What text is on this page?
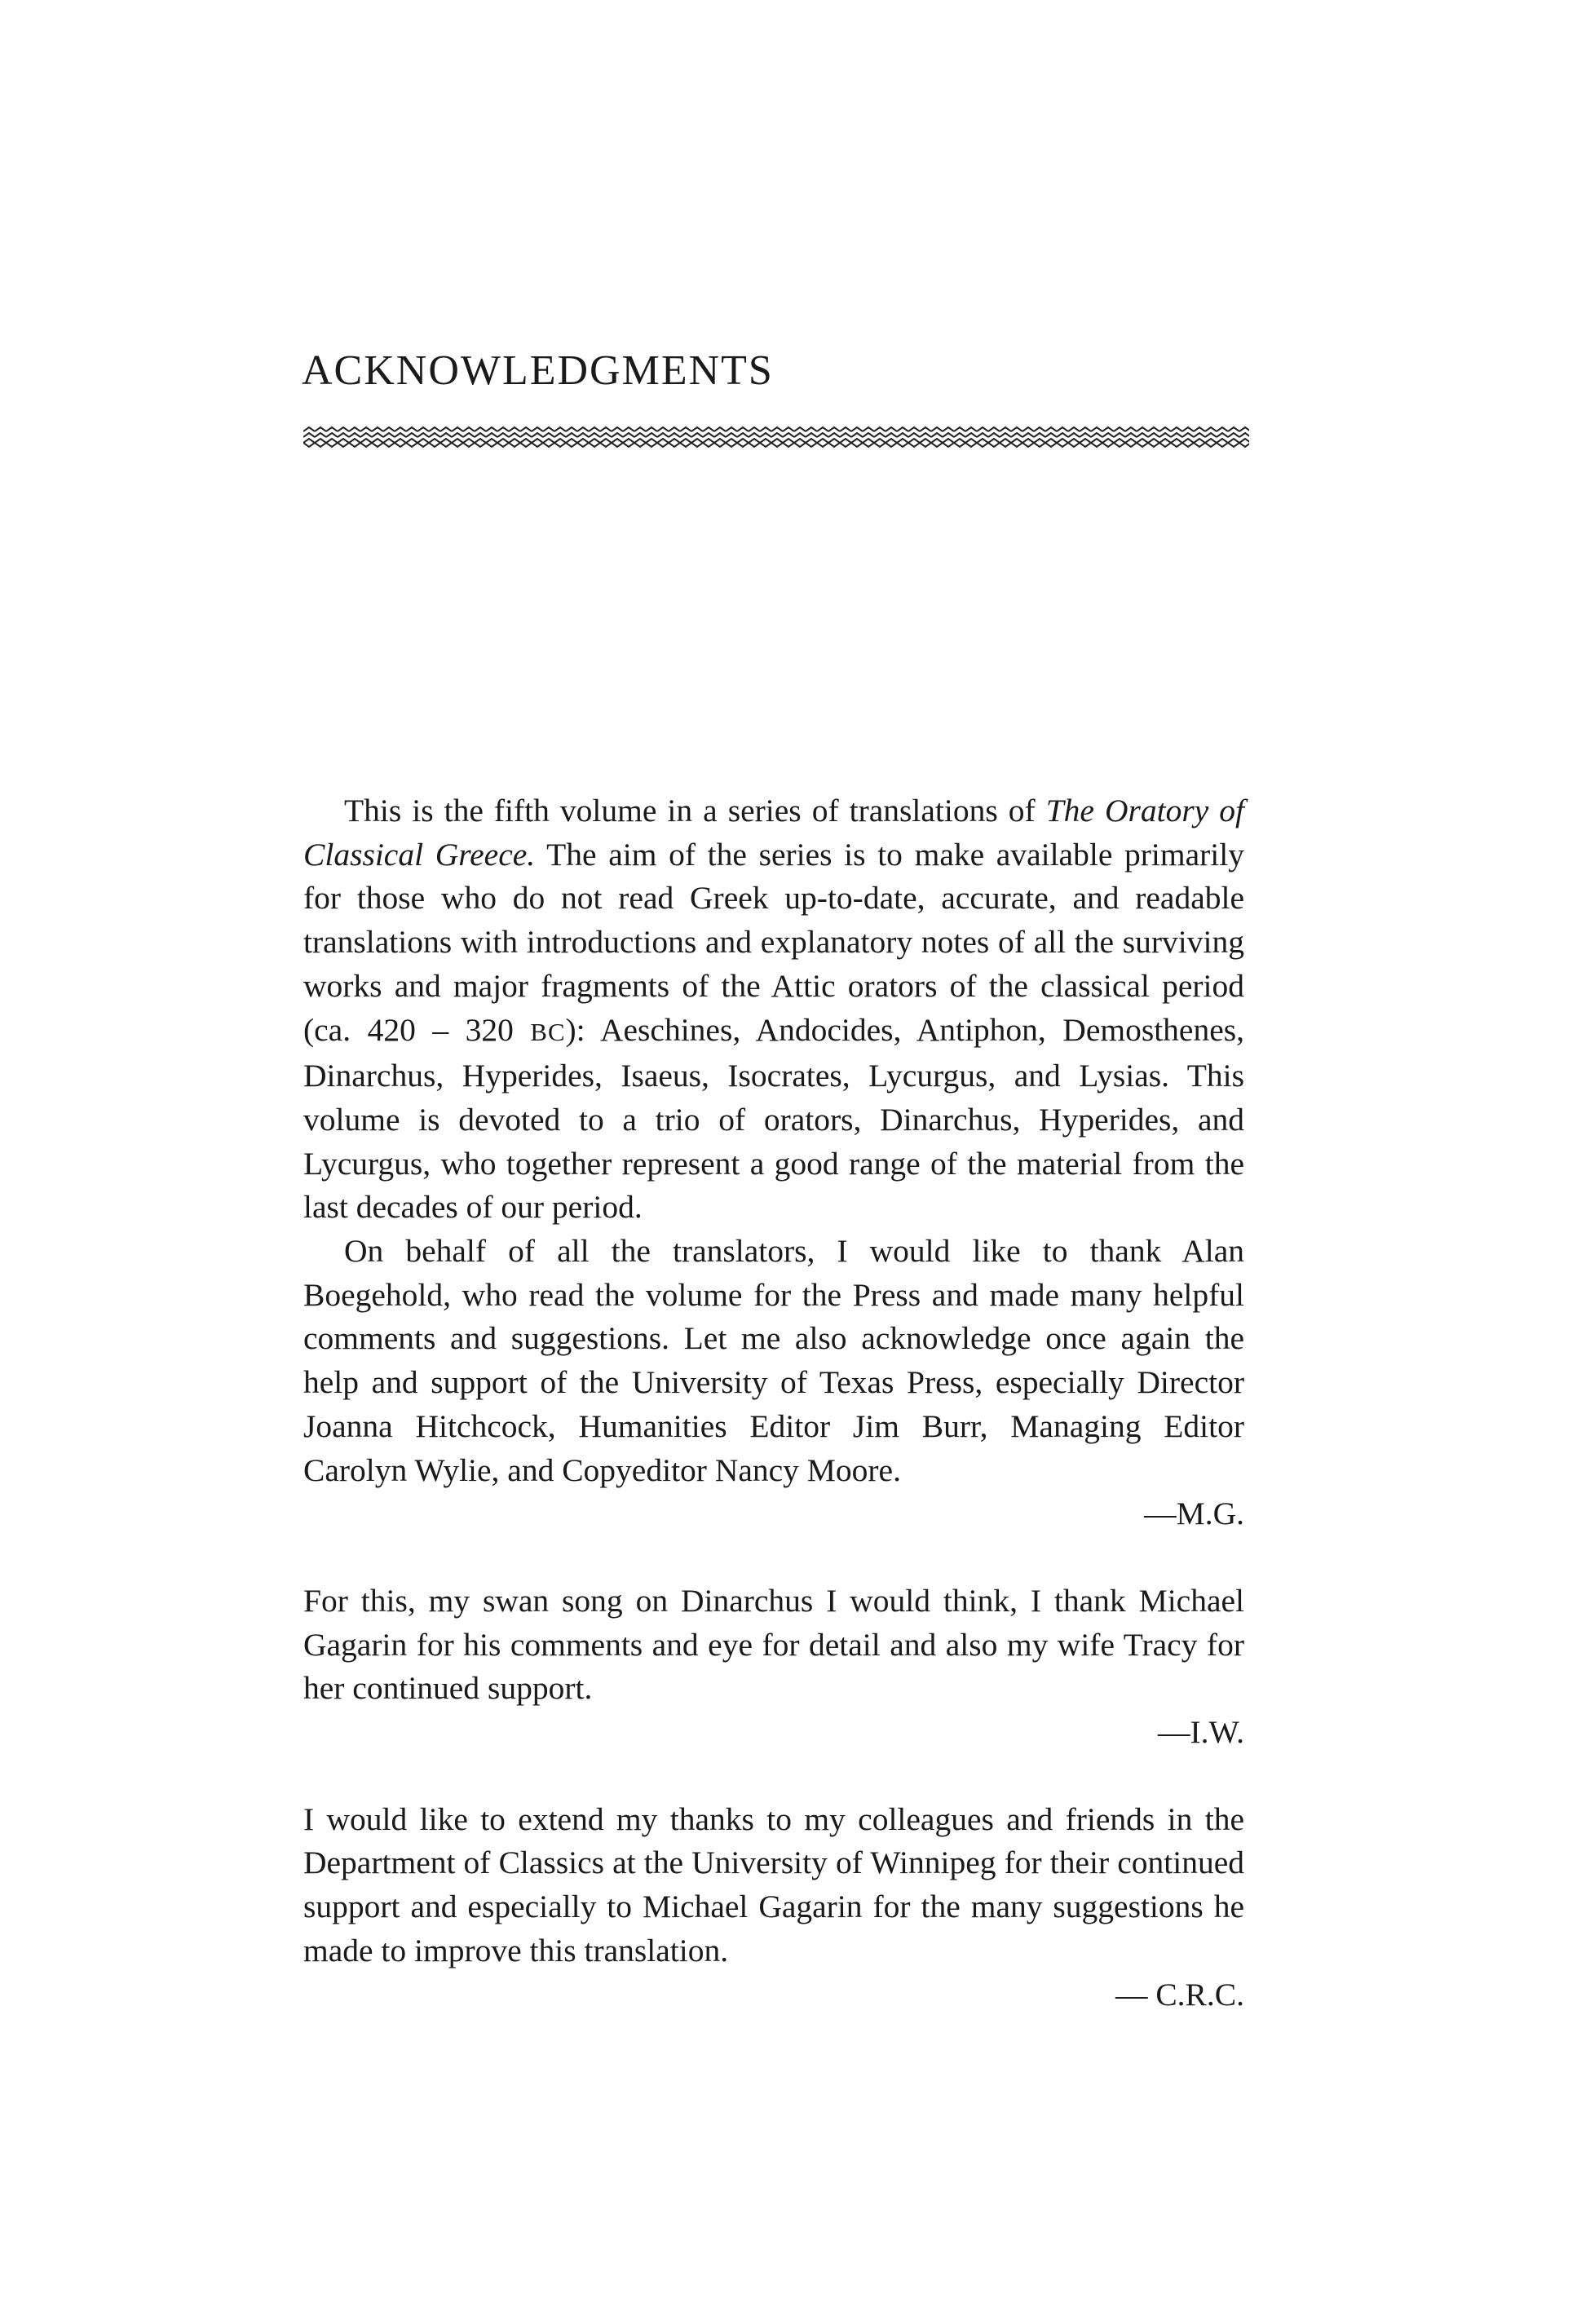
ACKNOWLEDGMENTS

This is the fifth volume in a series of translations of The Oratory of Classical Greece. The aim of the series is to make available primarily for those who do not read Greek up-to-date, accurate, and readable translations with introductions and explanatory notes of all the surviving works and major fragments of the Attic orators of the classical period (ca. 420 – 320 BC): Aeschines, Andocides, Antiphon, Demosthenes, Dinarchus, Hyperides, Isaeus, Isocrates, Lycurgus, and Lysias. This volume is devoted to a trio of orators, Dinarchus, Hyperides, and Lycurgus, who together represent a good range of the material from the last decades of our period.

On behalf of all the translators, I would like to thank Alan Boegehold, who read the volume for the Press and made many helpful comments and suggestions. Let me also acknowledge once again the help and support of the University of Texas Press, especially Director Joanna Hitchcock, Humanities Editor Jim Burr, Managing Editor Carolyn Wylie, and Copyeditor Nancy Moore.

—M.G.

For this, my swan song on Dinarchus I would think, I thank Michael Gagarin for his comments and eye for detail and also my wife Tracy for her continued support.

—I.W.

I would like to extend my thanks to my colleagues and friends in the Department of Classics at the University of Winnipeg for their continued support and especially to Michael Gagarin for the many suggestions he made to improve this translation.

— C.R.C.
